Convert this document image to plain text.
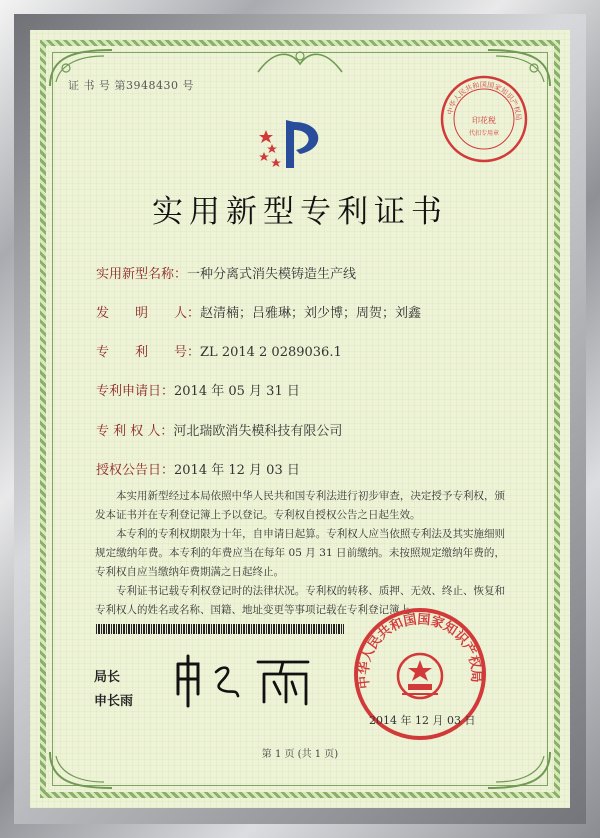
证 书 号 第3948430 号
中华人民共和国国家知识产权局
印花税
代扣专用章
实用新型专利证书
实用新型名称：一种分离式消失模铸造生产线
发　　明　　人：赵清楠；吕雅琳；刘少博；周贺；刘鑫
专　　利　　号：ZL 2014 2 0289036.1
专利申请日：2014 年 05 月 31 日
专 利 权 人：河北瑞欧消失模科技有限公司
授权公告日：2014 年 12 月 03 日

本实用新型经过本局依照中华人民共和国专利法进行初步审查，决定授予专利权，颁发本证书并在专利登记簿上予以登记。专利权自授权公告之日起生效。

本专利的专利权期限为十年，自申请日起算。专利权人应当依照专利法及其实施细则规定缴纳年费。本专利的年费应当在每年 05 月 31 日前缴纳。未按照规定缴纳年费的，专利权自应当缴纳年费期满之日起终止。

专利证书记载专利权登记时的法律状况。专利权的转移、质押、无效、终止、恢复和专利权人的姓名或名称、国籍、地址变更等事项记载在专利登记簿上。

局长
申长雨
中华人民共和国国家知识产权局
2014 年 12 月 03 日
第 1 页 (共 1 页)
